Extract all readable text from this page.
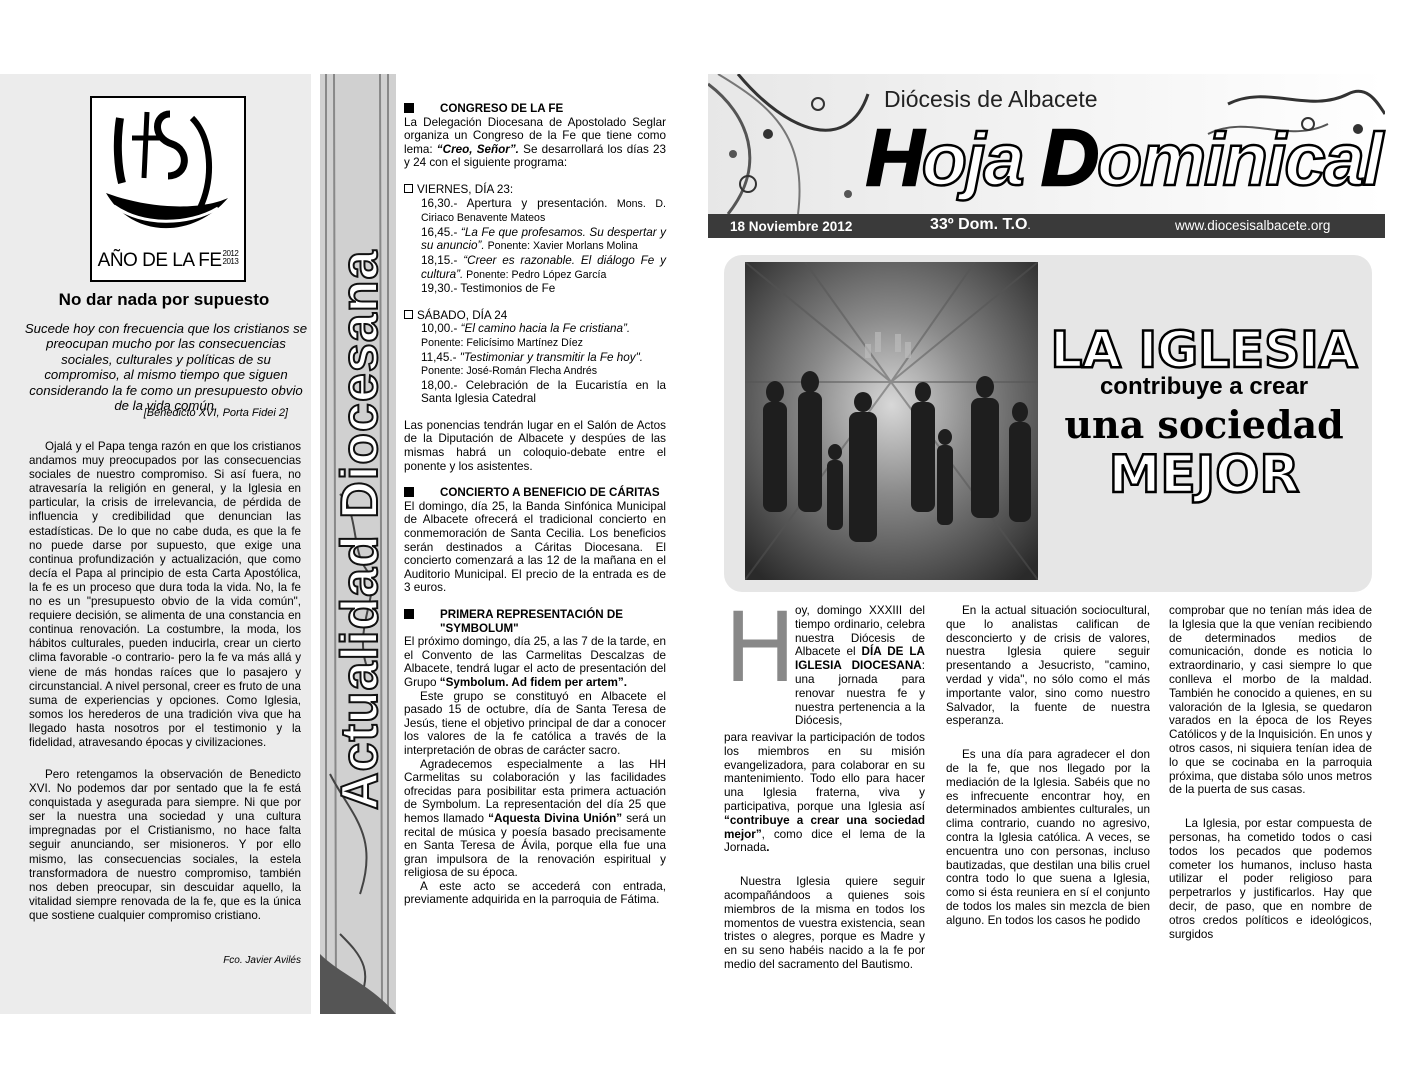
AÑO DE LA FE2012
2013
No dar nada por supuesto
Sucede hoy con frecuencia que los cristianos se preocupan mucho por las consecuencias sociales, culturales y políticas de su compromiso, al mismo tiempo que siguen considerando la fe como un presupuesto obvio de la vida común.
[Benedicto XVI, Porta Fidei 2]

Ojalá y el Papa tenga razón en que los cristianos andamos muy preocupados por las consecuencias sociales de nuestro compromiso. Si así fuera, no atravesaría la religión en general, y la Iglesia en particular, la crisis de irrelevancia, de pérdida de influencia y credibilidad que denuncian las estadísticas. De lo que no cabe duda, es que la fe no puede darse por supuesto, que exige una continua profundización y actualización, que como decía el Papa al principio de esta Carta Apostólica, la fe es un proceso que dura toda la vida. No, la fe no es un "presupuesto obvio de la vida común", requiere decisión, se alimenta de una constancia en continua renovación. La costumbre, la moda, los hábitos culturales, pueden inducirla, crear un cierto clima favorable -o contrario- pero la fe va más allá y viene de más hondas raíces que lo pasajero y circunstancial. A nivel personal, creer es fruto de una suma de experiencias y opciones. Como Iglesia, somos los herederos de una tradición viva que ha llegado hasta nosotros por el testimonio y la fidelidad, atravesando épocas y civilizaciones.

Pero retengamos la observación de Benedicto XVI. No podemos dar por sentado que la fe está conquistada y asegurada para siempre. Ni que por ser la nuestra una sociedad y una cultura impregnadas por el Cristianismo, no hace falta seguir anunciando, ser misioneros. Y por ello mismo, las consecuencias sociales, la estela transformadora de nuestro compromiso, también nos deben preocupar, sin descuidar aquello, la vitalidad siempre renovada de la fe, que es la única que sostiene cualquier compromiso cristiano.

Fco. Javier Avilés
Actualidad Diocesana

CONGRESO DE LA FE

La Delegación Diocesana de Apostolado Seglar organiza un Congreso de la Fe que tiene como lema: “Creo, Señor”. Se desarrollará los días 23 y 24 con el siguiente programa:

VIERNES, DÍA 23:

16,30.- Apertura y presentación. Mons. D. Ciriaco Benavente Mateos

16,45.- “La Fe que profesamos. Su despertar y su anuncio”. Ponente: Xavier Morlans Molina

18,15.- “Creer es razonable. El diálogo Fe y cultura”. Ponente: Pedro López García

19,30.- Testimonios de Fe

SÁBADO, DÍA 24

10,00.- “El camino hacia la Fe cristiana”.
Ponente: Felicísimo Martínez Díez

11,45.- "Testimoniar y transmitir la Fe hoy".
Ponente: José-Román Flecha Andrés

18,00.- Celebración de la Eucaristía en la Santa Iglesia Catedral

Las ponencias tendrán lugar en el Salón de Actos de la Diputación de Albacete y despúes de las mismas habrá un coloquio-debate entre el ponente y los asistentes.

CONCIERTO A BENEFICIO DE CÁRITAS

El domingo, día 25, la Banda Sinfónica Municipal de Albacete ofrecerá el tradicional concierto en conmemoración de Santa Cecilia. Los beneficios serán destinados a Cáritas Diocesana. El concierto comenzará a las 12 de la mañana en el Auditorio Municipal. El precio de la entrada es de 3 euros.

PRIMERA REPRESENTACIÓN DE
"SYMBOLUM"

El próximo domingo, día 25, a las 7 de la tarde, en el Convento de las Carmelitas Descalzas de Albacete, tendrá lugar el acto de presentación del Grupo “Symbolum. Ad fidem per artem”.

Este grupo se constituyó en Albacete el pasado 15 de octubre, día de Santa Teresa de Jesús, tiene el objetivo principal de dar a conocer los valores de la fe católica a través de la interpretación de obras de carácter sacro.

Agradecemos especialmente a las HH Carmelitas su colaboración y las facilidades ofrecidas para posibilitar esta primera actuación de Symbolum. La representación del día 25 que hemos llamado “Aquesta Divina Unión” será un recital de música y poesía basado precisamente en Santa Teresa de Ávila, porque ella fue una gran impulsora de la renovación espiritual y religiosa de su época.

A este acto se accederá con entrada, previamente adquirida en la parroquia de Fátima.

Diócesis de Albacete
Hoja Dominical
18 Noviembre 2012	33º Dom. T.O.	www.diocesisalbacete.org
LA IGLESIA
contribuye a crear
una sociedad
MEJOR
H

oy, domingo XXXIII del tiempo ordinario, celebra nuestra Diócesis de Albacete el DÍA DE LA IGLESIA DIOCESANA: una jornada para renovar nuestra fe y nuestra pertenencia a la Diócesis,

para reavivar la participación de todos los miembros en su misión evangelizadora, para colaborar en su mantenimiento. Todo ello para hacer una Iglesia fraterna, viva y participativa, porque una Iglesia así “contribuye a crear una sociedad mejor”, como dice el lema de la Jornada.

Nuestra Iglesia quiere seguir acompañándoos a quienes sois miembros de la misma en todos los momentos de vuestra existencia, sean tristes o alegres, porque es Madre y en su seno habéis nacido a la fe por medio del sacramento del Bautismo.

En la actual situación sociocultural, que lo analistas califican de desconcierto y de crisis de valores, nuestra Iglesia quiere seguir presentando a Jesucristo, "camino, verdad y vida", no sólo como el más importante valor, sino como nuestro Salvador, la fuente de nuestra esperanza.

Es una día para agradecer el don de la fe, que nos llegado por la mediación de la Iglesia. Sabéis que no es infrecuente encontrar hoy, en determinados ambientes culturales, un clima contrario, cuando no agresivo, contra la Iglesia católica. A veces, se encuentra uno con personas, incluso bautizadas, que destilan una bilis cruel contra todo lo que suena a Iglesia, como si ésta reuniera en sí el conjunto de todos los males sin mezcla de bien alguno. En todos los casos he podido

comprobar que no tenían más idea de la Iglesia que la que venían recibiendo de determinados medios de comunicación, donde es noticia lo extraordinario, y casi siempre lo que conlleva el morbo de la maldad. También he conocido a quienes, en su valoración de la Iglesia, se quedaron varados en la época de los Reyes Católicos y de la Inquisición. En unos y otros casos, ni siquiera tenían idea de lo que se cocinaba en la parroquia próxima, que distaba sólo unos metros de la puerta de sus casas.

La Iglesia, por estar compuesta de personas, ha cometido todos o casi todos los pecados que podemos cometer los humanos, incluso hasta utilizar el poder religioso para perpetrarlos y justificarlos. Hay que decir, de paso, que en nombre de otros credos políticos e ideológicos, surgidos
